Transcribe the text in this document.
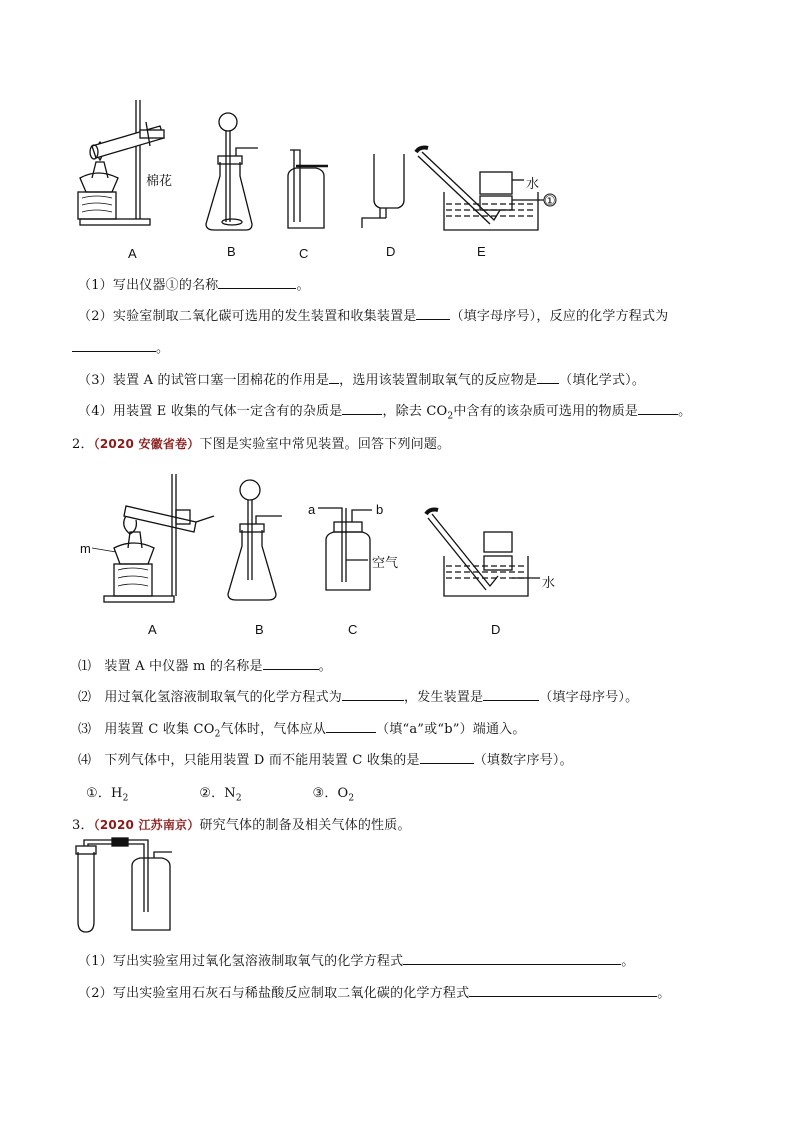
棉花	水
①
A	B	C	D	E
（1）写出仪器①的名称	。
（2）实验室制取二氧化碳可选用的发生装置和收集装置是	（填字母序号），反应的化学方程式为
。
（3）装置 A 的试管口塞一团棉花的作用是 ，选用该装置制取氧气的反应物是 （填化学式）。
（4）用装置 E 收集的气体一定含有的杂质是	，除去 $CO_2$中含有的该杂质可选用的物质是	。
2．（2020 安徽省卷）下图是实验室中常见装置。回答下列问题。
m
a	b
空气
水
A	B	C	D
⑴　装置 A 中仪器 m 的名称是	。
⑵　用过氧化氢溶液制取氧气的化学方程式为	，发生装置是	（填字母序号）。
⑶　用装置 C 收集 $CO_2$气体时，气体应从	（填“a”或“b”）端通入。
⑷　下列气体中，只能用装置 D 而不能用装置 C 收集的是	（填数字序号）。
①．$H_2$	②．$N_2$	③．$O_2$
3．（2020 江苏南京）研究气体的制备及相关气体的性质。
（1）写出实验室用过氧化氢溶液制取氧气的化学方程式	。
（2）写出实验室用石灰石与稀盐酸反应制取二氧化碳的化学方程式	。
